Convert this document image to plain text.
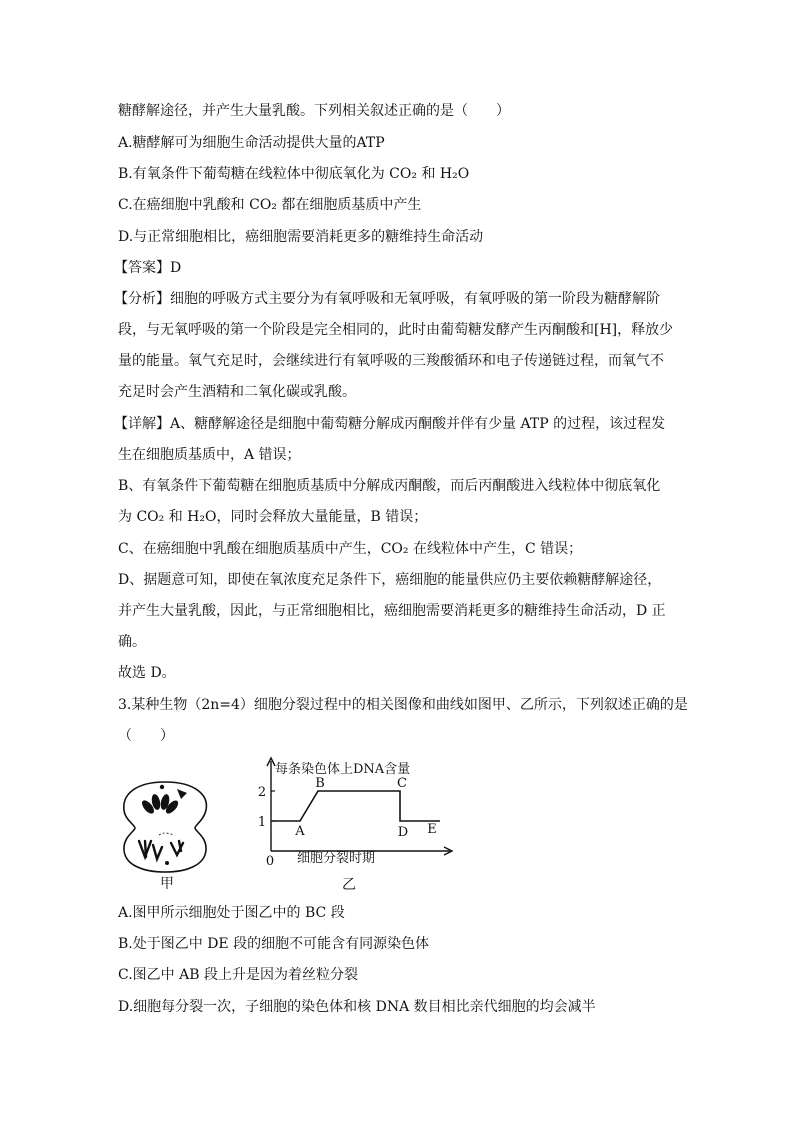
糖酵解途径，并产生大量乳酸。下列相关叙述正确的是（　　）
A.糖酵解可为细胞生命活动提供大量的ATP
B.有氧条件下葡萄糖在线粒体中彻底氧化为 CO₂ 和 H₂O
C.在癌细胞中乳酸和 CO₂ 都在细胞质基质中产生
D.与正常细胞相比，癌细胞需要消耗更多的糖维持生命活动
【答案】D
【分析】细胞的呼吸方式主要分为有氧呼吸和无氧呼吸，有氧呼吸的第一阶段为糖酵解阶
段，与无氧呼吸的第一个阶段是完全相同的，此时由葡萄糖发酵产生丙酮酸和[H]，释放少
量的能量。氧气充足时，会继续进行有氧呼吸的三羧酸循环和电子传递链过程，而氧气不
充足时会产生酒精和二氧化碳或乳酸。
【详解】A、糖酵解途径是细胞中葡萄糖分解成丙酮酸并伴有少量 ATP 的过程，该过程发
生在细胞质基质中，A 错误；
B、有氧条件下葡萄糖在细胞质基质中分解成丙酮酸，而后丙酮酸进入线粒体中彻底氧化
为 CO₂ 和 H₂O，同时会释放大量能量，B 错误；
C、在癌细胞中乳酸在细胞质基质中产生，CO₂ 在线粒体中产生，C 错误；
D、据题意可知，即使在氧浓度充足条件下，癌细胞的能量供应仍主要依赖糖酵解途径，
并产生大量乳酸，因此，与正常细胞相比，癌细胞需要消耗更多的糖维持生命活动，D 正
确。
故选 D。
3.某种生物（2n=4）细胞分裂过程中的相关图像和曲线如图甲、乙所示，下列叙述正确的是
（　　）
甲
每条染色体上DNA含量
细胞分裂时期
0
2
1
A
B	C
D E
乙
A.图甲所示细胞处于图乙中的 BC 段
B.处于图乙中 DE 段的细胞不可能含有同源染色体
C.图乙中 AB 段上升是因为着丝粒分裂
D.细胞每分裂一次，子细胞的染色体和核 DNA 数目相比亲代细胞的均会减半
